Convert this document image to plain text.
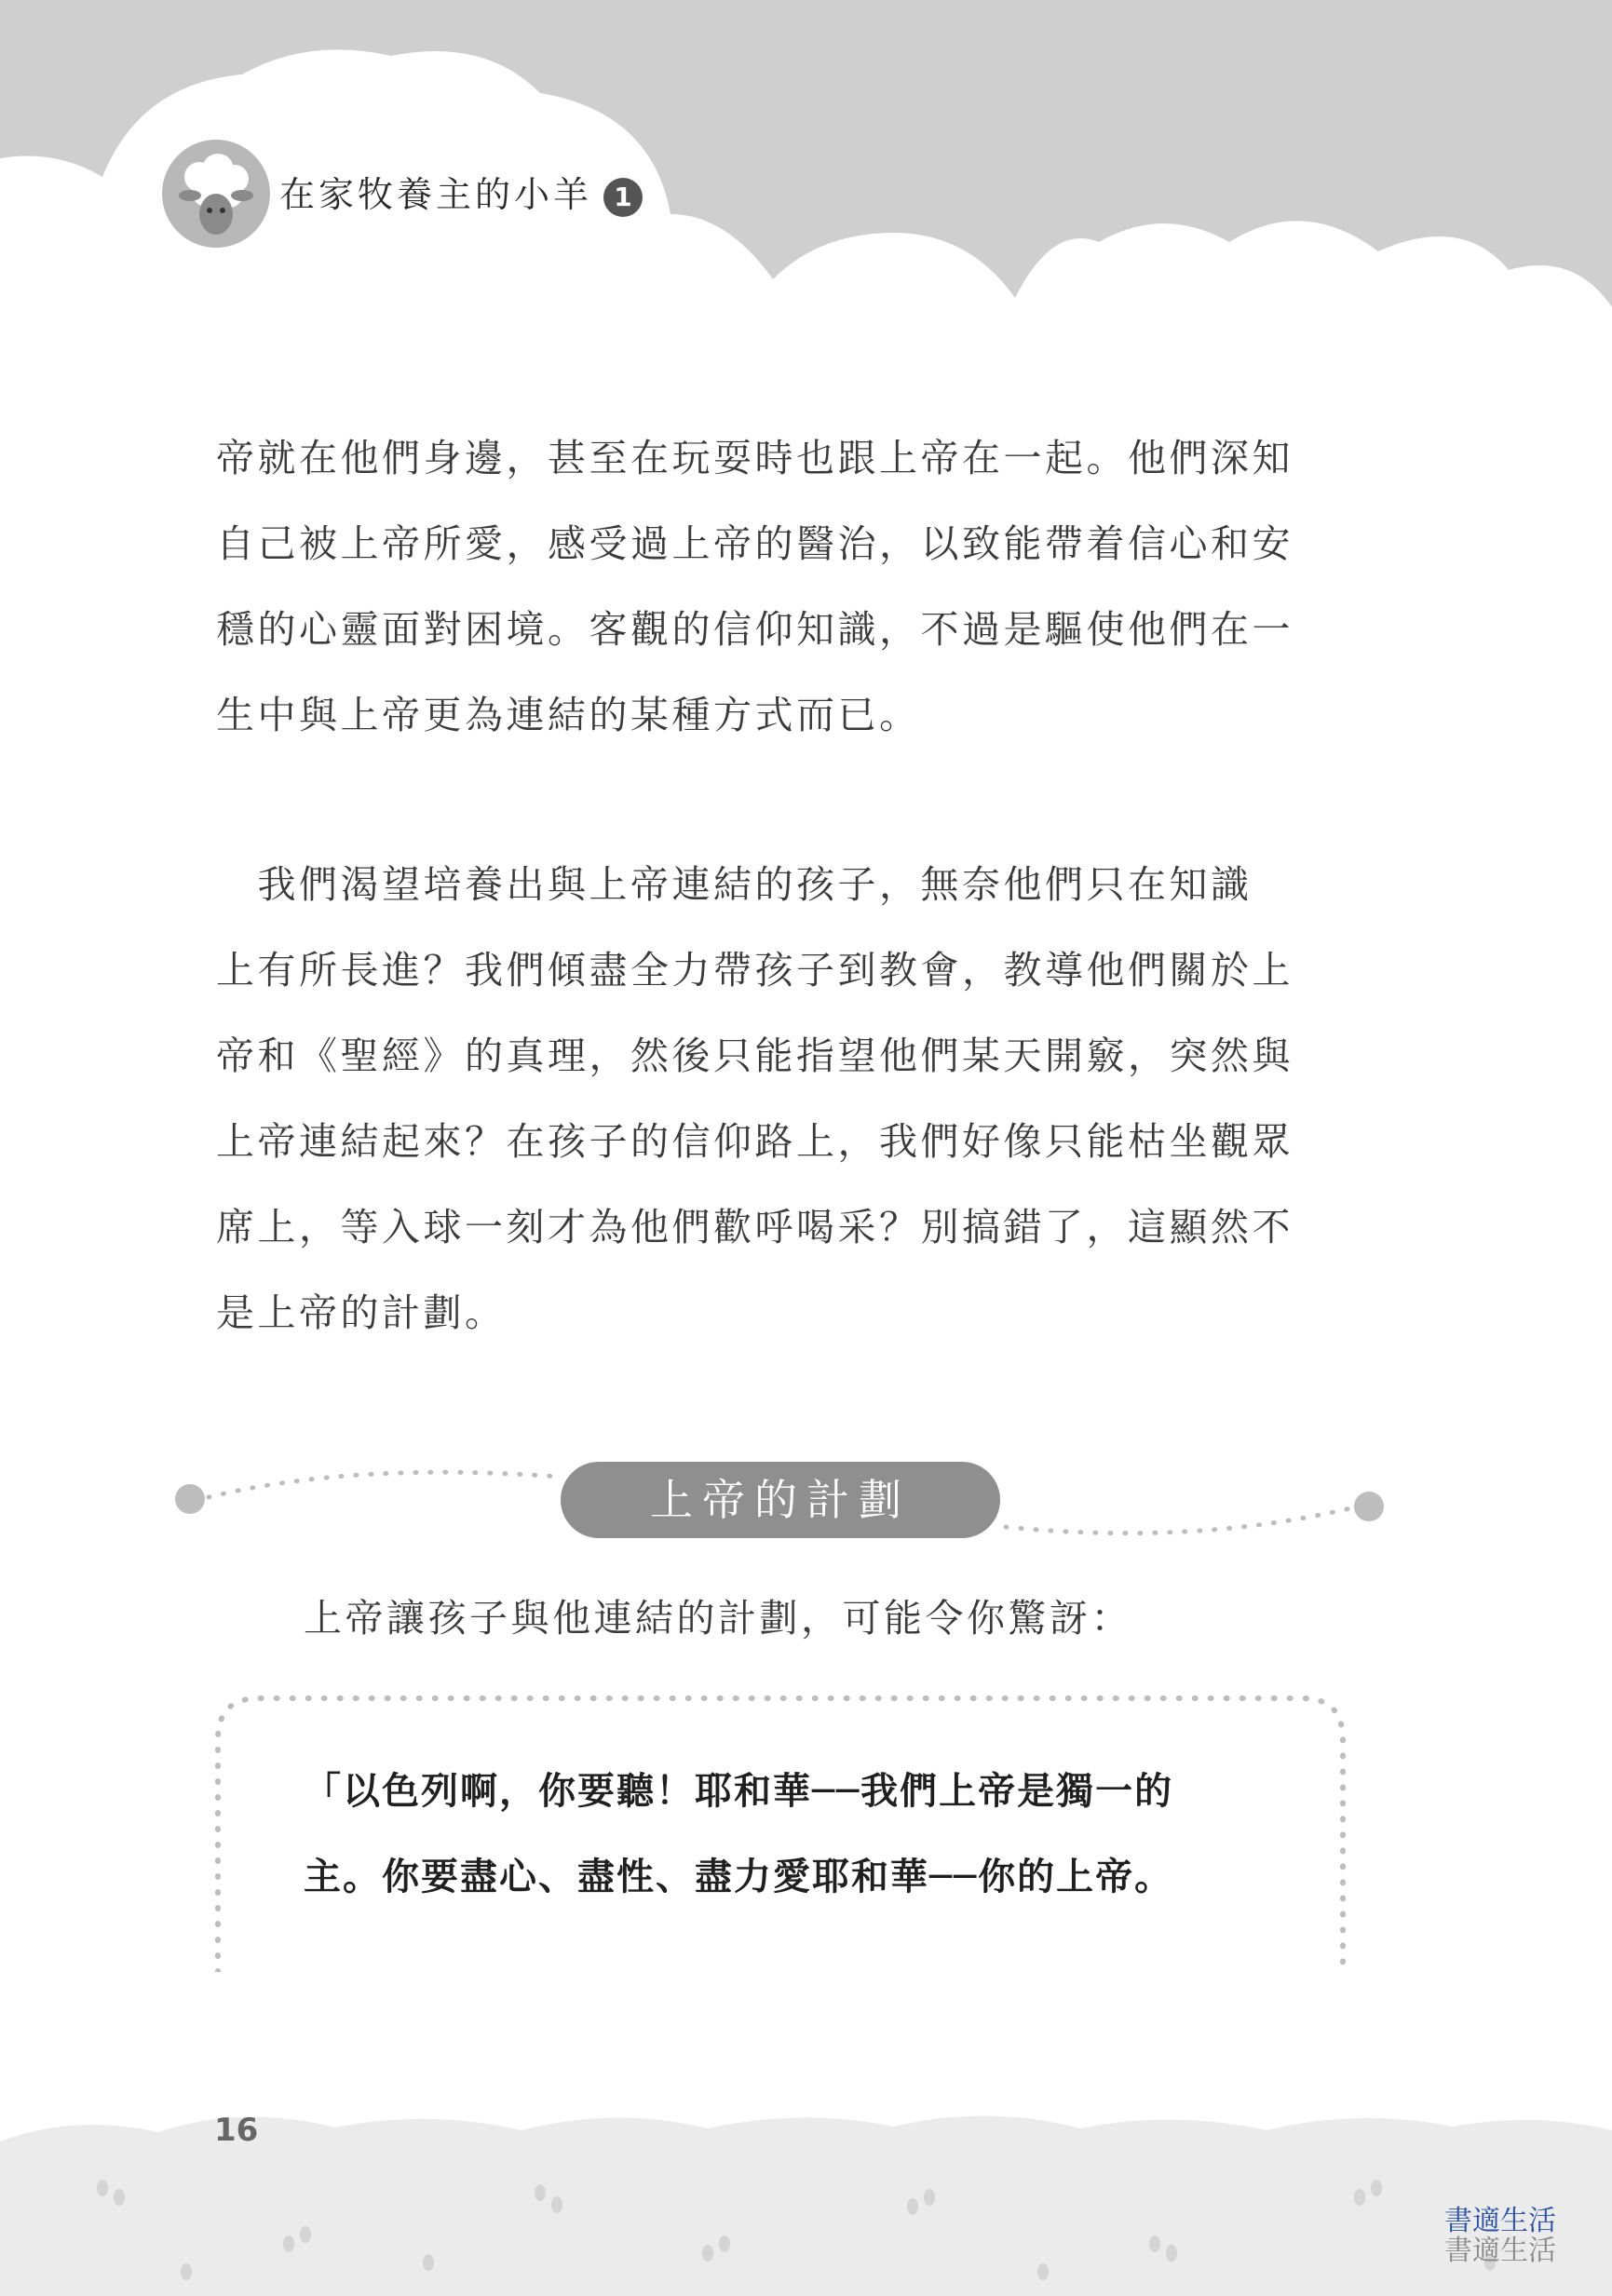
在家牧養主的小羊 1

帝就在他們身邊，甚至在玩耍時也跟上帝在一起。他們深知
自己被上帝所愛，感受過上帝的醫治，以致能帶着信心和安
穩的心靈面對困境。客觀的信仰知識，不過是驅使他們在一
生中與上帝更為連結的某種方式而已。

　我們渴望培養出與上帝連結的孩子，無奈他們只在知識
上有所長進？我們傾盡全力帶孩子到教會，教導他們關於上
帝和《聖經》的真理，然後只能指望他們某天開竅，突然與
上帝連結起來？在孩子的信仰路上，我們好像只能枯坐觀眾
席上，等入球一刻才為他們歡呼喝采？別搞錯了，這顯然不
是上帝的計劃。

上帝的計劃
上帝讓孩子與他連結的計劃，可能令你驚訝：

「以色列啊，你要聽！耶和華──我們上帝是獨一的
主。你要盡心、盡性、盡力愛耶和華──你的上帝。

16
書適生活
書適生活
